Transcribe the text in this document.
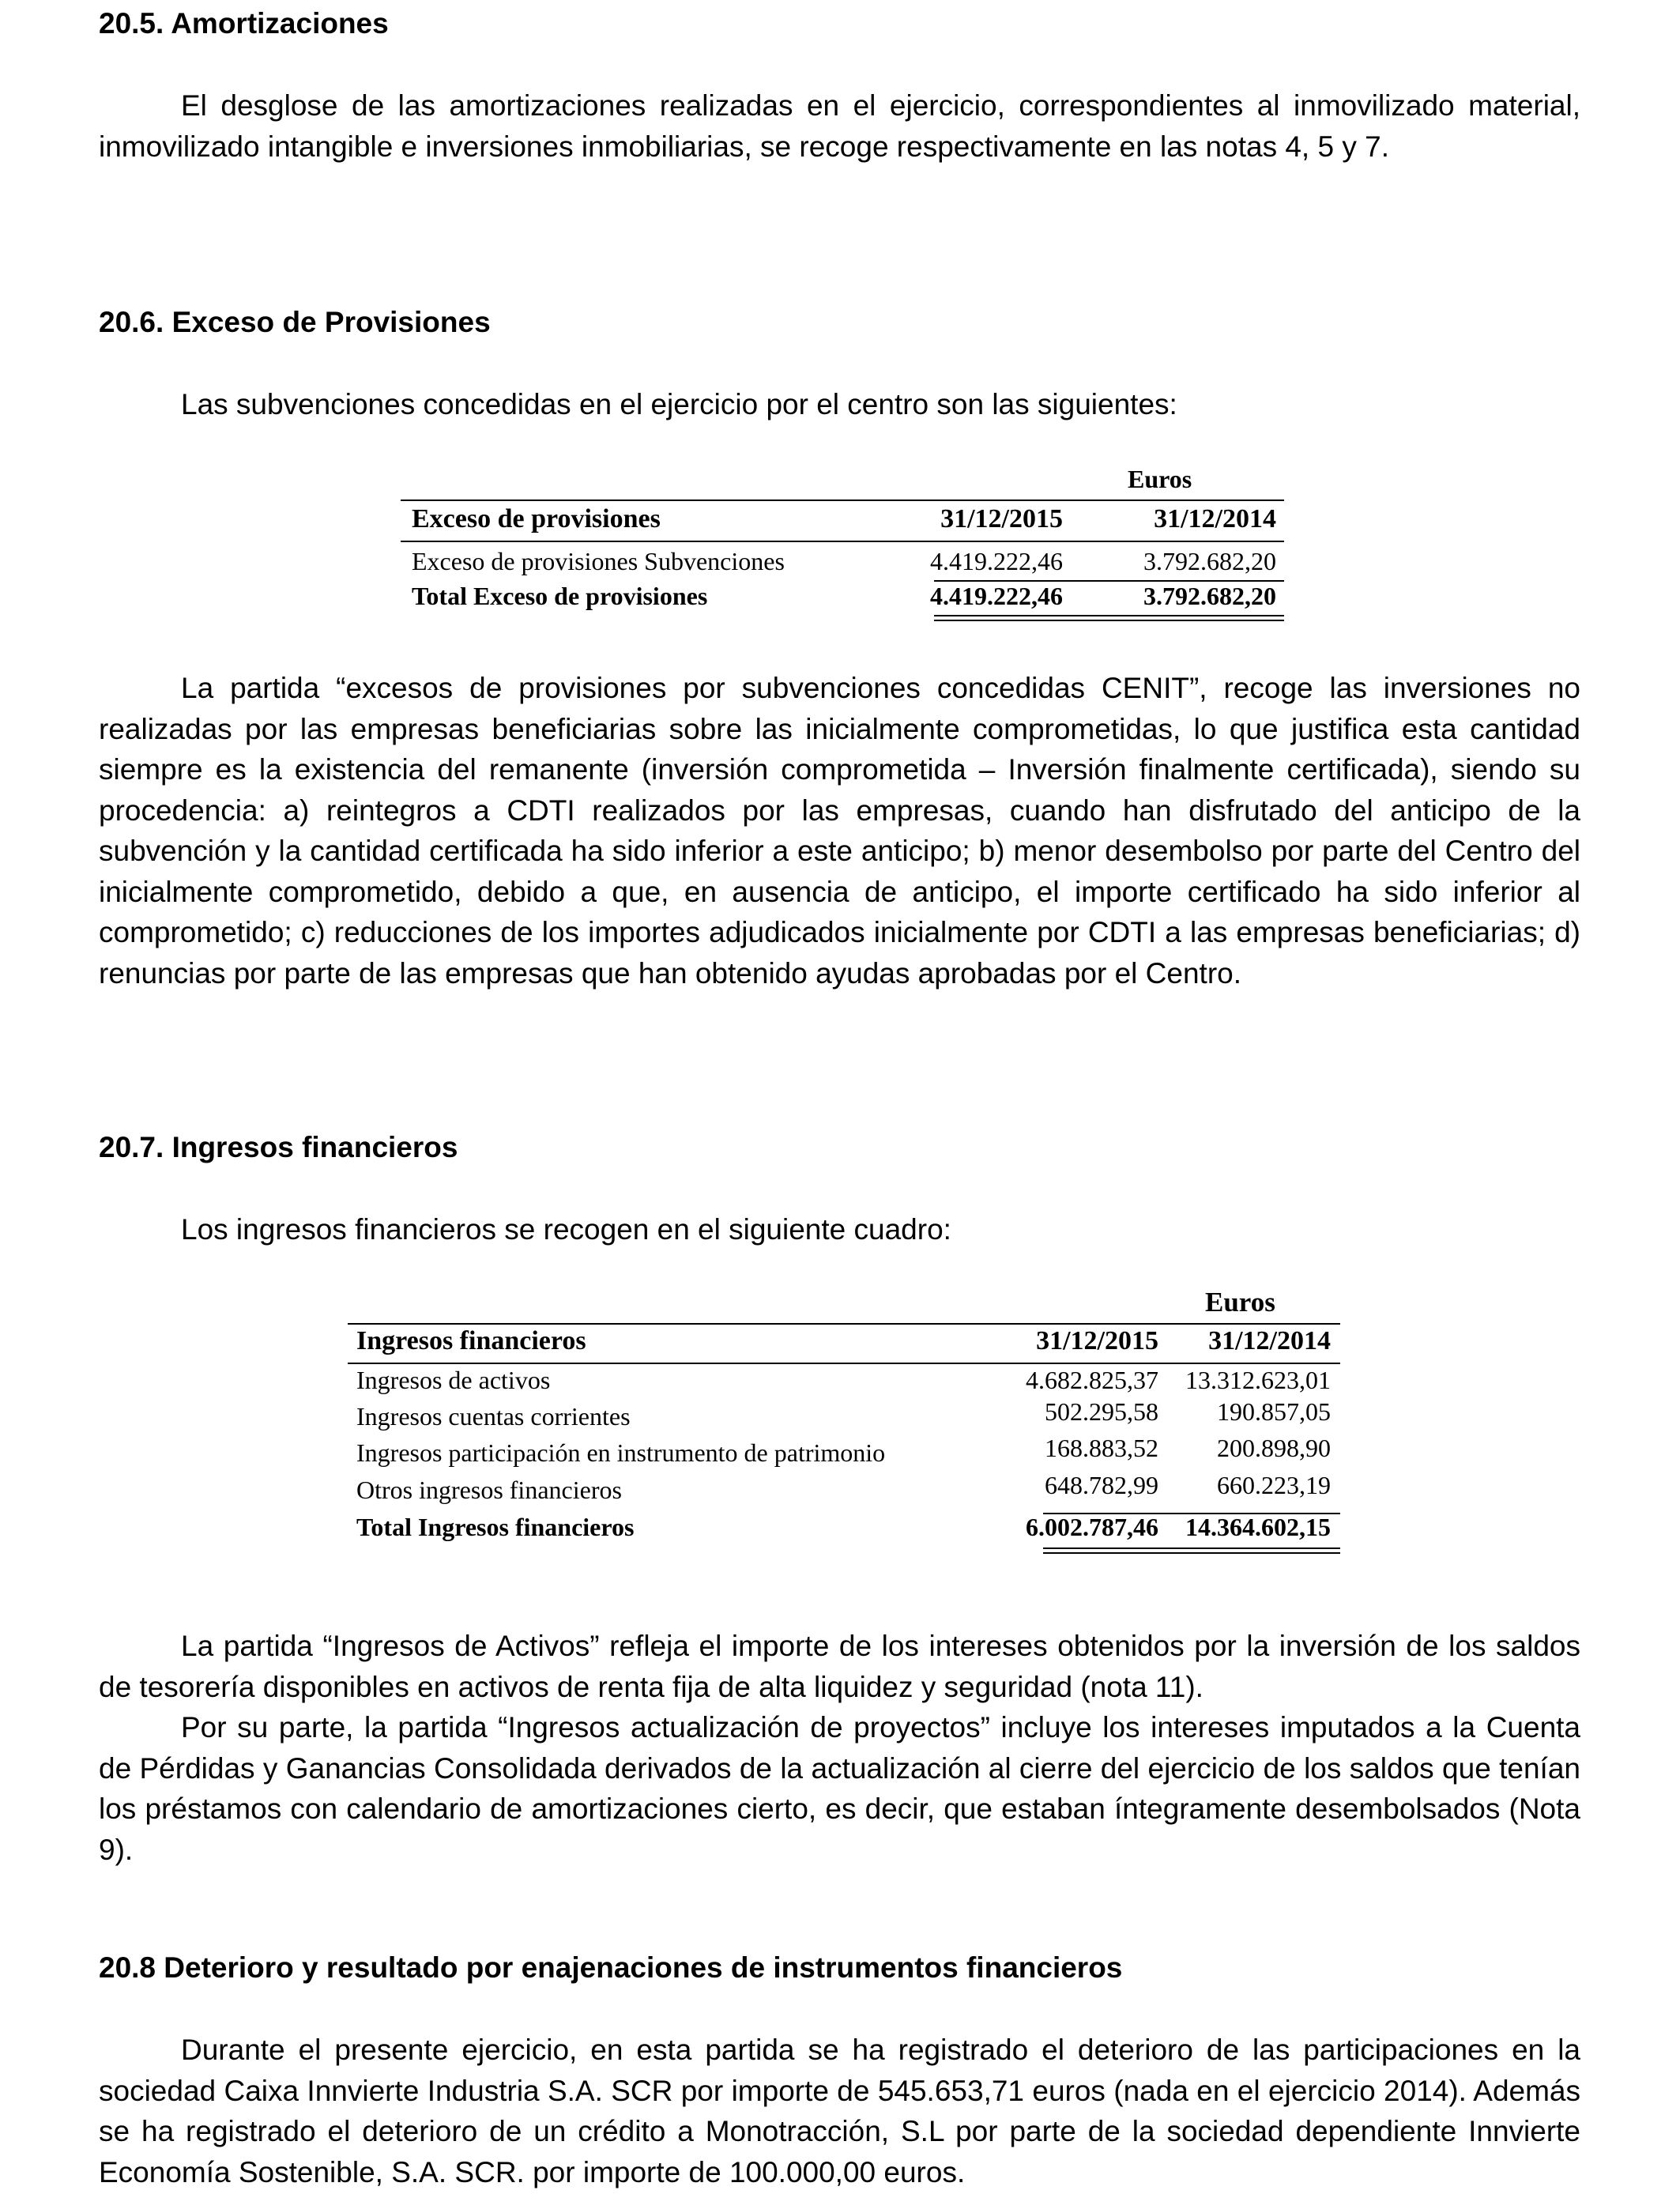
20.5. Amortizaciones
El desglose de las amortizaciones realizadas en el ejercicio, correspondientes al inmovilizado material, inmovilizado intangible e inversiones inmobiliarias, se recoge respectivamente en las notas 4, 5 y 7.
20.6. Exceso de Provisiones
Las subvenciones concedidas en el ejercicio por el centro son las siguientes:
Euros
Exceso de provisiones	31/12/2015	31/12/2014
Exceso de provisiones Subvenciones	4.419.222,46	3.792.682,20
Total Exceso de provisiones	4.419.222,46	3.792.682,20
La partida “excesos de provisiones por subvenciones concedidas CENIT”, recoge las inversiones no realizadas por las empresas beneficiarias sobre las inicialmente comprometidas, lo que justifica esta cantidad siempre es la existencia del remanente (inversión comprometida – Inversión finalmente certificada), siendo su procedencia: a) reintegros a CDTI realizados por las empresas, cuando han disfrutado del anticipo de la subvención y la cantidad certificada ha sido inferior a este anticipo; b) menor desembolso por parte del Centro del inicialmente comprometido, debido a que, en ausencia de anticipo, el importe certificado ha sido inferior al comprometido; c) reducciones de los importes adjudicados inicialmente por CDTI a las empresas beneficiarias; d) renuncias por parte de las empresas que han obtenido ayudas aprobadas por el Centro.
20.7. Ingresos financieros
Los ingresos financieros se recogen en el siguiente cuadro:
Euros
Ingresos financieros	31/12/2015 31/12/2014
Ingresos de activos	4.682.825,37 13.312.623,01
Ingresos cuentas corrientes	502.295,58 190.857,05
Ingresos participación en instrumento de patrimonio	168.883,52 200.898,90
Otros ingresos financieros	648.782,99 660.223,19
Total Ingresos financieros	6.002.787,46 14.364.602,15
La partida “Ingresos de Activos” refleja el importe de los intereses obtenidos por la inversión de los saldos de tesorería disponibles en activos de renta fija de alta liquidez y seguridad (nota 11).
Por su parte, la partida “Ingresos actualización de proyectos” incluye los intereses imputados a la Cuenta de Pérdidas y Ganancias Consolidada derivados de la actualización al cierre del ejercicio de los saldos que tenían los préstamos con calendario de amortizaciones cierto, es decir, que estaban íntegramente desembolsados (Nota 9).
20.8 Deterioro y resultado por enajenaciones de instrumentos financieros
Durante el presente ejercicio, en esta partida se ha registrado el deterioro de las participaciones en la sociedad Caixa Innvierte Industria S.A. SCR por importe de 545.653,71 euros (nada en el ejercicio 2014). Además se ha registrado el deterioro de un crédito a Monotracción, S.L por parte de la sociedad dependiente Innvierte Economía Sostenible, S.A. SCR. por importe de 100.000,00 euros.
